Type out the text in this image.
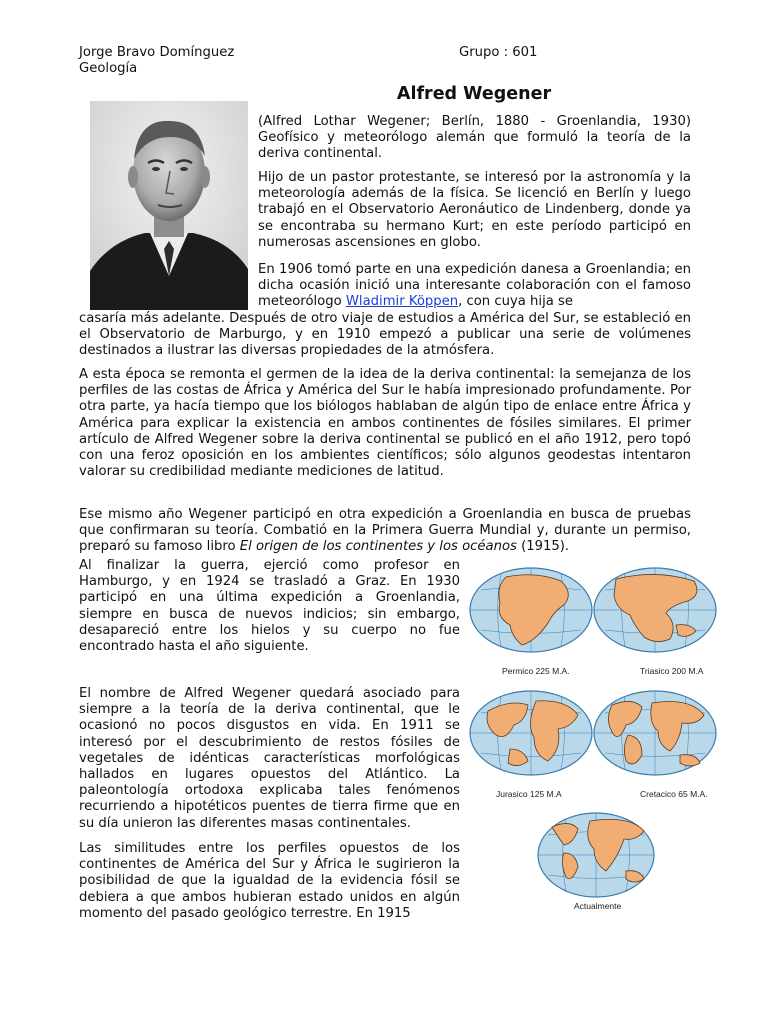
Jorge Bravo Domínguez	Grupo : 601
Geología
Alfred Wegener

(Alfred Lothar Wegener; Berlín, 1880 - Groenlandia, 1930) Geofísico y meteorólogo alemán que formuló la teoría de la deriva continental.

Hijo de un pastor protestante, se interesó por la astronomía y la meteorología además de la física. Se licenció en Berlín y luego trabajó en el Observatorio Aeronáutico de Lindenberg, donde ya se encontraba su hermano Kurt; en este período participó en numerosas ascensiones en globo.

En 1906 tomó parte en una expedición danesa a Groenlandia; en dicha ocasión inició una interesante colaboración con el famoso meteorólogo Wladimir Köppen, con cuya hija se

casaría más adelante. Después de otro viaje de estudios a América del Sur, se estableció en el Observatorio de Marburgo, y en 1910 empezó a publicar una serie de volúmenes destinados a ilustrar las diversas propiedades de la atmósfera.

A esta época se remonta el germen de la idea de la deriva continental: la semejanza de los perfiles de las costas de África y América del Sur le había impresionado profundamente. Por otra parte, ya hacía tiempo que los biólogos hablaban de algún tipo de enlace entre África y América para explicar la existencia en ambos continentes de fósiles similares. El primer artículo de Alfred Wegener sobre la deriva continental se publicó en el año 1912, pero topó con una feroz oposición en los ambientes científicos; sólo algunos geodestas intentaron valorar su credibilidad mediante mediciones de latitud.

Ese mismo año Wegener participó en otra expedición a Groenlandia en busca de pruebas que confirmaran su teoría. Combatió en la Primera Guerra Mundial y, durante un permiso, preparó su famoso libro El origen de los continentes y los océanos (1915).

Al finalizar la guerra, ejerció como profesor en Hamburgo, y en 1924 se trasladó a Graz. En 1930 participó en una última expedición a Groenlandia, siempre en busca de nuevos indicios; sin embargo, desapareció entre los hielos y su cuerpo no fue encontrado hasta el año siguiente.

El nombre de Alfred Wegener quedará asociado para siempre a la teoría de la deriva continental, que le ocasionó no pocos disgustos en vida. En 1911 se interesó por el descubrimiento de restos fósiles de vegetales de idénticas características morfológicas hallados en lugares opuestos del Atlántico. La paleontología ortodoxa explicaba tales fenómenos recurriendo a hipotéticos puentes de tierra firme que en su día unieron las diferentes masas continentales.

Las similitudes entre los perfiles opuestos de los continentes de América del Sur y África le sugirieron la posibilidad de que la igualdad de la evidencia fósil se debiera a que ambos hubieran estado unidos en algún momento del pasado geológico terrestre. En 1915

Permico 225 M.A.	Triasico 200 M.A
Jurasico 125 M.A	Cretacico 65 M.A.
Actualmente
